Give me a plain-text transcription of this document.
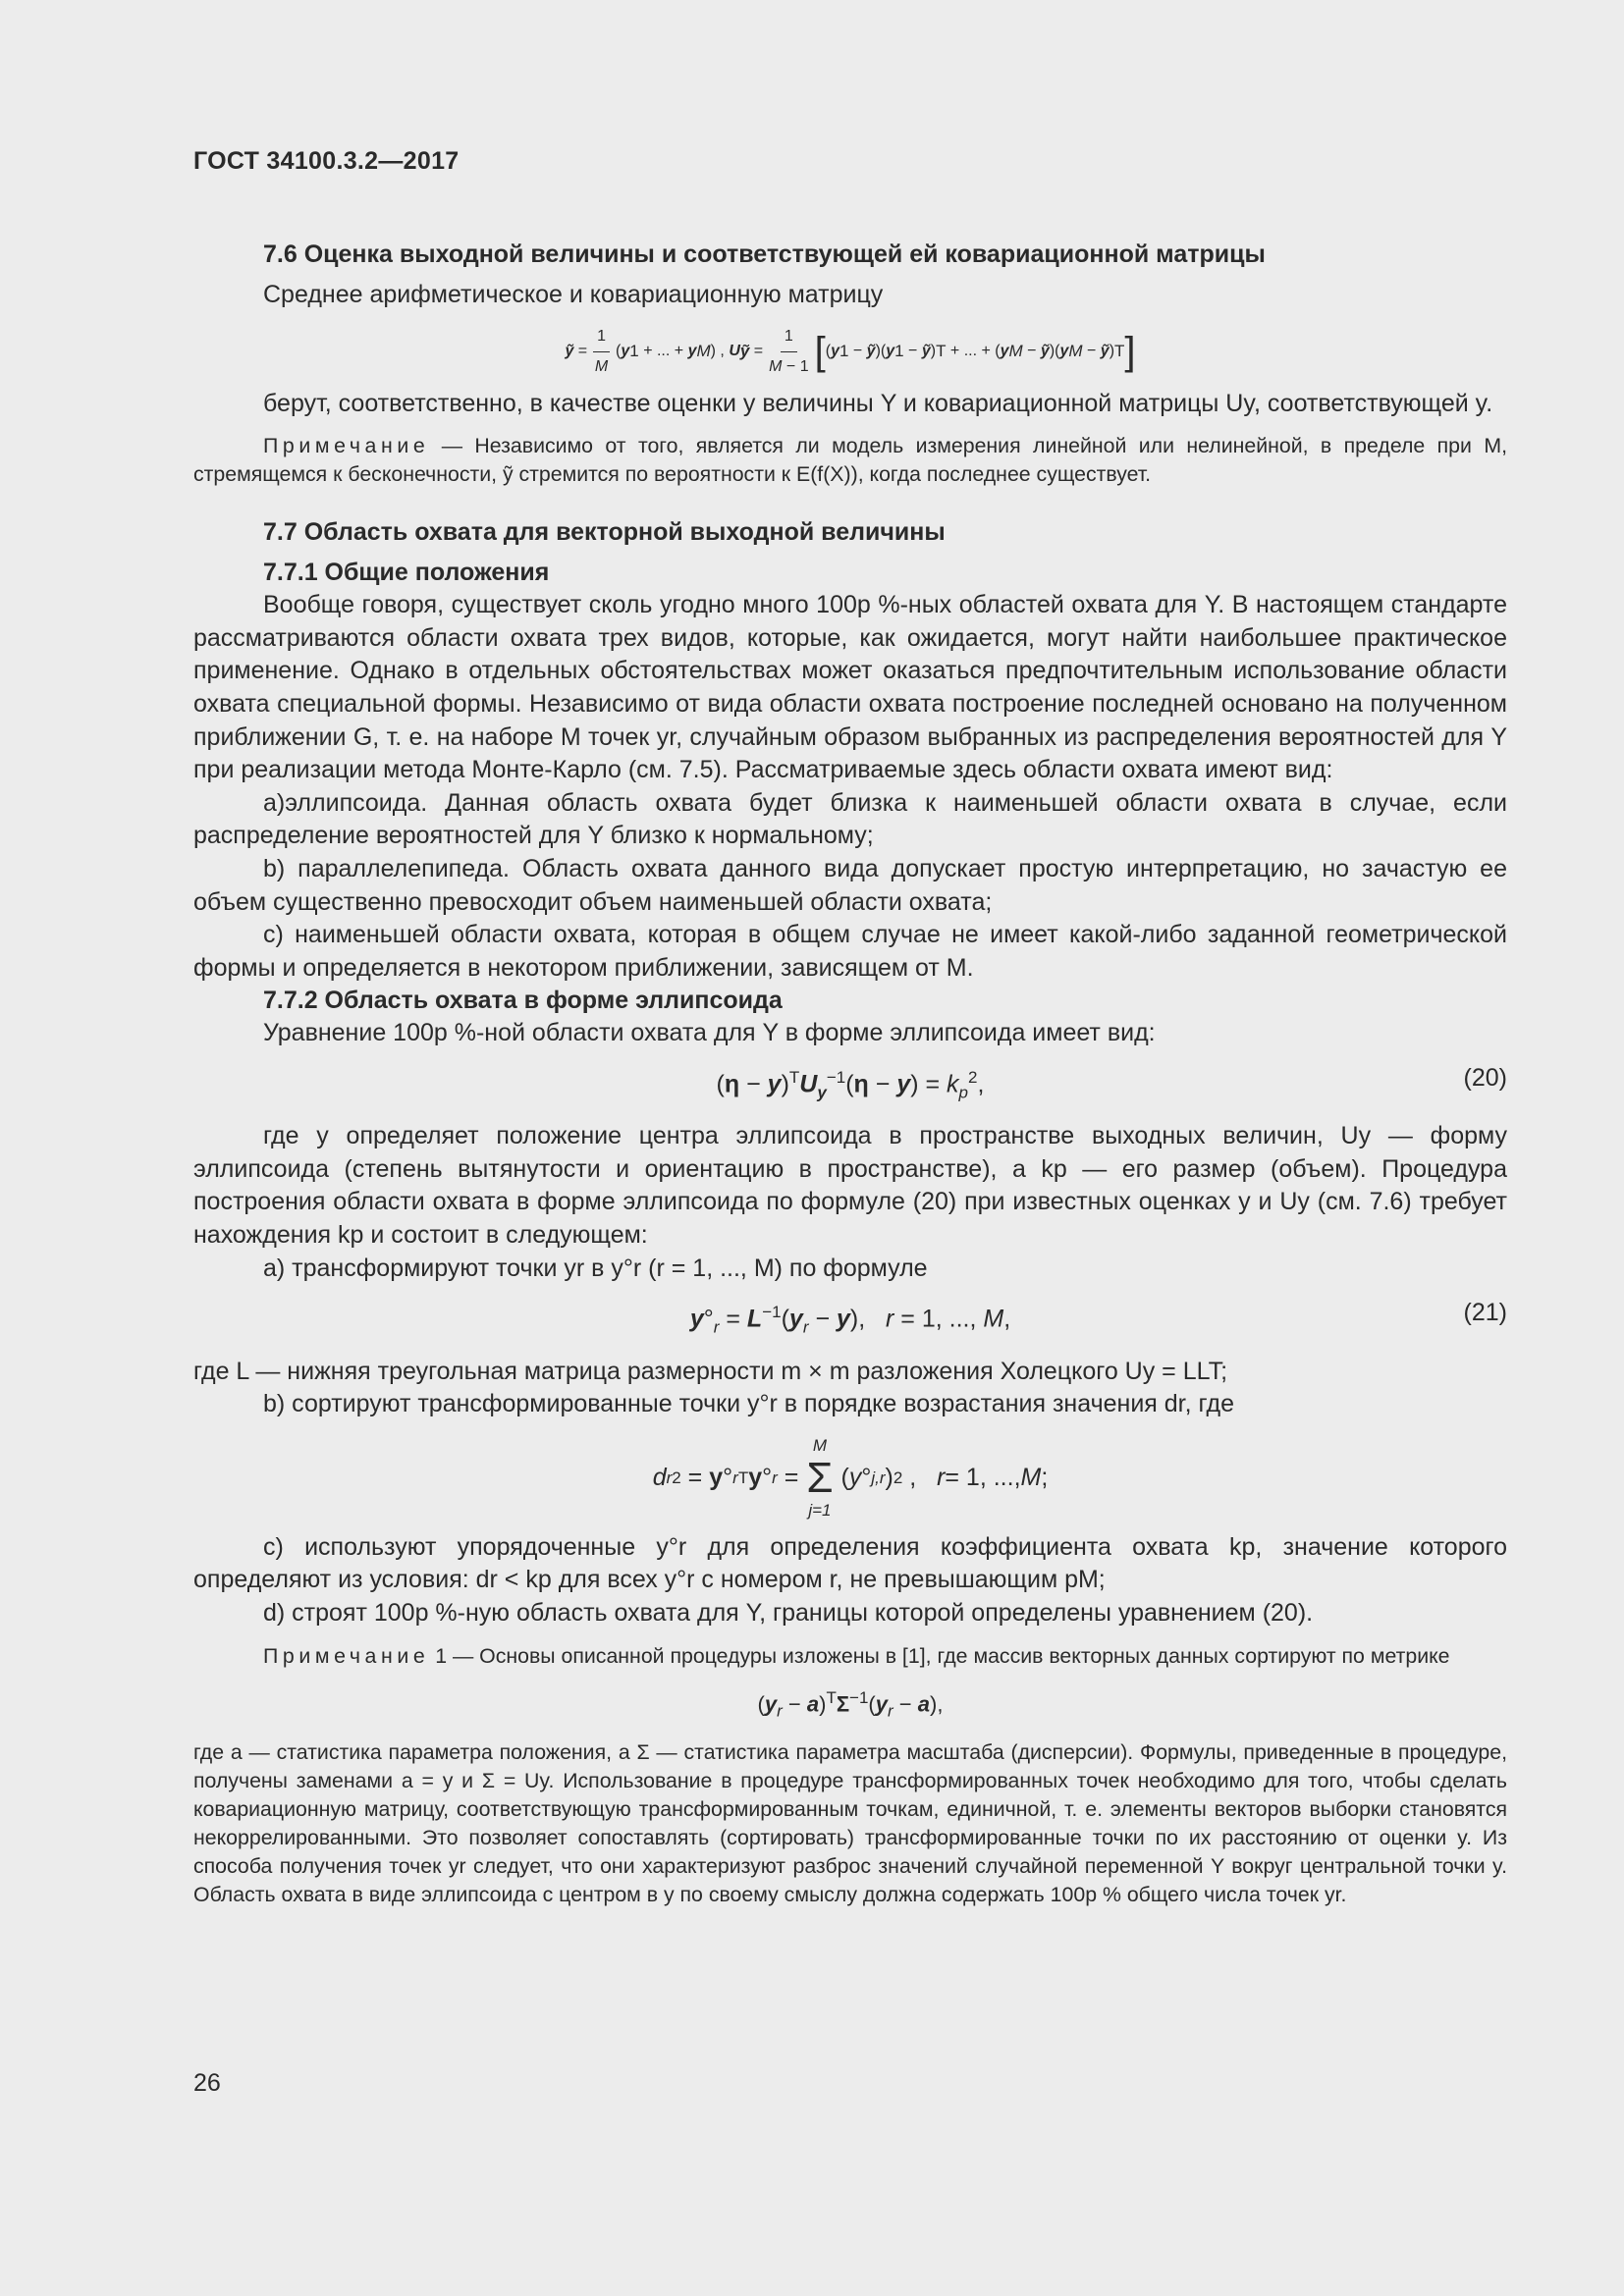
ГОСТ 34100.3.2—2017
7.6 Оценка выходной величины и соответствующей ей ковариационной матрицы

Среднее арифметическое и ковариационную матрицу

ỹ = $\frac{1}{M}$ ( y 1 + ... + y M ) , U ỹ = $\frac{1}{M - 1}$ [ ( y 1 − ỹ )( y 1 − ỹ ) T + ... + ( y M − ỹ )( y M − ỹ ) T ]

берут, соответственно, в качестве оценки y величины Y и ковариационной матрицы Uy, соответствующей y.

Примечание — Независимо от того, является ли модель измерения линейной или нелинейной, в пределе при M, стремящемся к бесконечности, ỹ стремится по вероятности к E(f(X)), когда последнее существует.

7.7 Область охвата для векторной выходной величины
7.7.1 Общие положения

Вообще говоря, существует сколь угодно много 100p %-ных областей охвата для Y. В настоящем стандарте рассматриваются области охвата трех видов, которые, как ожидается, могут найти наибольшее практическое применение. Однако в отдельных обстоятельствах может оказаться предпочтительным использование области охвата специальной формы. Независимо от вида области охвата построение последней основано на полученном приближении G, т. е. на наборе M точек yr, случайным образом выбранных из распределения вероятностей для Y при реализации метода Монте-Карло (см. 7.5). Рассматриваемые здесь области охвата имеют вид:

а)эллипсоида. Данная область охвата будет близка к наименьшей области охвата в случае, если распределение вероятностей для Y близко к нормальному;

b) параллелепипеда. Область охвата данного вида допускает простую интерпретацию, но зачастую ее объем существенно превосходит объем наименьшей области охвата;

c) наименьшей области охвата, которая в общем случае не имеет какой-либо заданной геометрической формы и определяется в некотором приближении, зависящем от M.

7.7.2 Область охвата в форме эллипсоида

Уравнение 100p %-ной области охвата для Y в форме эллипсоида имеет вид:

$(\eta - y)^TU_y^{-1}(\eta - y) = k_p^2$,	(20)

где y определяет положение центра эллипсоида в пространстве выходных величин, Uy — форму эллипсоида (степень вытянутости и ориентацию в пространстве), а kp — его размер (объем). Процедура построения области охвата в форме эллипсоида по формуле (20) при известных оценках y и Uy (см. 7.6) требует нахождения kp и состоит в следующем:

а) трансформируют точки yr в y°r (r = 1, ..., M) по формуле

$y^\circ_r = L^{-1}(y_r - y)$,   r = 1, ..., M,	(21)

где L — нижняя треугольная матрица размерности m × m разложения Холецкого Uy = LLT;

b) сортируют трансформированные точки y°r в порядке возрастания значения dr, где

d r 2 = y ° r T y ° r =
M
Σ
j=1
( y ° j,r ) 2 , r = 1, ..., M ;

c) используют упорядоченные y°r для определения коэффициента охвата kp, значение которого определяют из условия: dr < kp для всех y°r с номером r, не превышающим pM;

d) строят 100p %-ную область охвата для Y, границы которой определены уравнением (20).

Примечание 1 — Основы описанной процедуры изложены в [1], где массив векторных данных сортируют по метрике

$(y_r - a)^T\Sigma^{-1}(y_r - a)$,

где a — статистика параметра положения, а Σ — статистика параметра масштаба (дисперсии). Формулы, приведенные в процедуре, получены заменами a = y и Σ = Uy. Использование в процедуре трансформированных точек необходимо для того, чтобы сделать ковариационную матрицу, соответствующую трансформированным точкам, единичной, т. е. элементы векторов выборки становятся некоррелированными. Это позволяет сопоставлять (сортировать) трансформированные точки по их расстоянию от оценки y. Из способа получения точек yr следует, что они характеризуют разброс значений случайной переменной Y вокруг центральной точки y. Область охвата в виде эллипсоида с центром в y по своему смыслу должна содержать 100p % общего числа точек yr.

26
